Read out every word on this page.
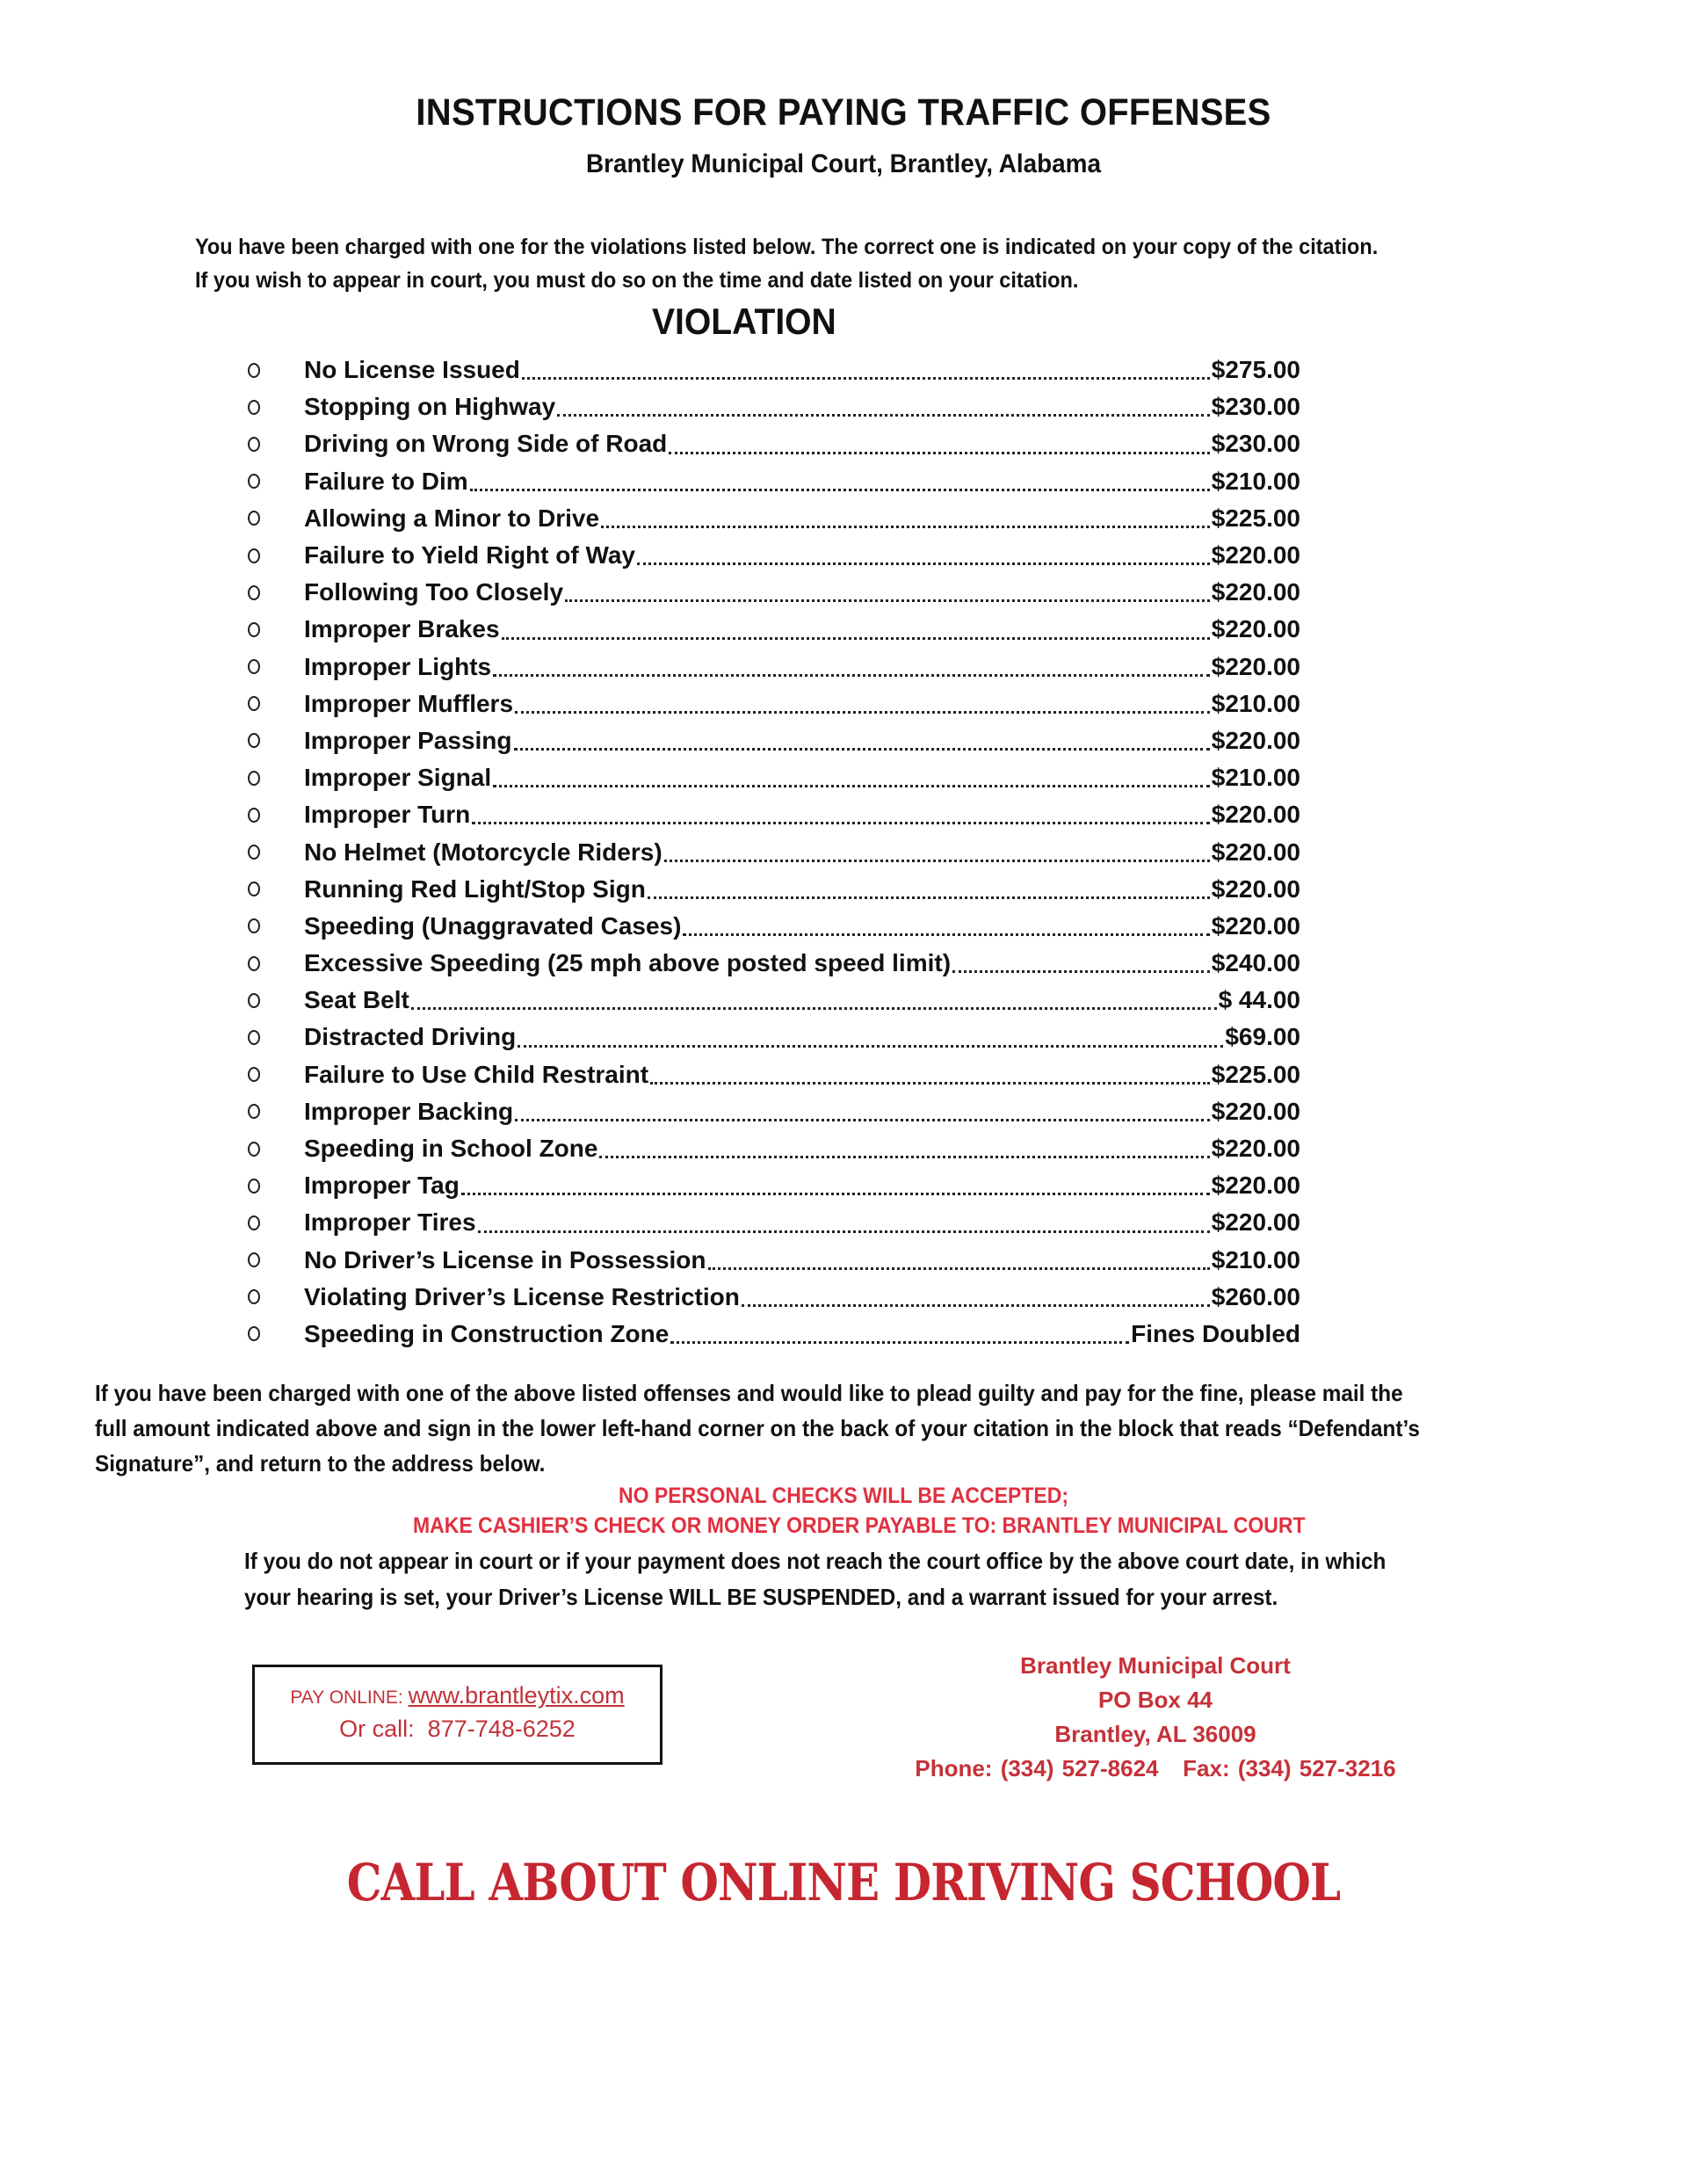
INSTRUCTIONS FOR PAYING TRAFFIC OFFENSES
Brantley Municipal Court, Brantley, Alabama
You have been charged with one for the violations listed below. The correct one is indicated on your copy of the citation.
If you wish to appear in court, you must do so on the time and date listed on your citation.
VIOLATION
No License Issued	$275.00
Stopping on Highway	$230.00
Driving on Wrong Side of Road	$230.00
Failure to Dim	$210.00
Allowing a Minor to Drive	$225.00
Failure to Yield Right of Way	$220.00
Following Too Closely	$220.00
Improper Brakes	$220.00
Improper Lights	$220.00
Improper Mufflers	$210.00
Improper Passing	$220.00
Improper Signal	$210.00
Improper Turn	$220.00
No Helmet (Motorcycle Riders)	$220.00
Running Red Light/Stop Sign	$220.00
Speeding (Unaggravated Cases)	$220.00
Excessive Speeding (25 mph above posted speed limit)	$240.00
Seat Belt	$ 44.00
Distracted Driving	$69.00
Failure to Use Child Restraint	$225.00
Improper Backing	$220.00
Speeding in School Zone	$220.00
Improper Tag	$220.00
Improper Tires	$220.00
No Driver’s License in Possession	$210.00
Violating Driver’s License Restriction	$260.00
Speeding in Construction Zone	Fines Doubled
If you have been charged with one of the above listed offenses and would like to plead guilty and pay for the fine, please mail the
full amount indicated above and sign in the lower left-hand corner on the back of your citation in the block that reads “Defendant’s
Signature”, and return to the address below.
NO PERSONAL CHECKS WILL BE ACCEPTED;
MAKE CASHIER’S CHECK OR MONEY ORDER PAYABLE TO: BRANTLEY MUNICIPAL COURT
If you do not appear in court or if your payment does not reach the court office by the above court date, in which
your hearing is set, your Driver’s License WILL BE SUSPENDED, and a warrant issued for your arrest.
PAY ONLINE: www.brantleytix.com
Or call:  877-748-6252
Brantley Municipal Court
PO Box 44
Brantley, AL 36009
Phone: (334) 527-8624   Fax: (334) 527-3216
CALL ABOUT ONLINE DRIVING SCHOOL
